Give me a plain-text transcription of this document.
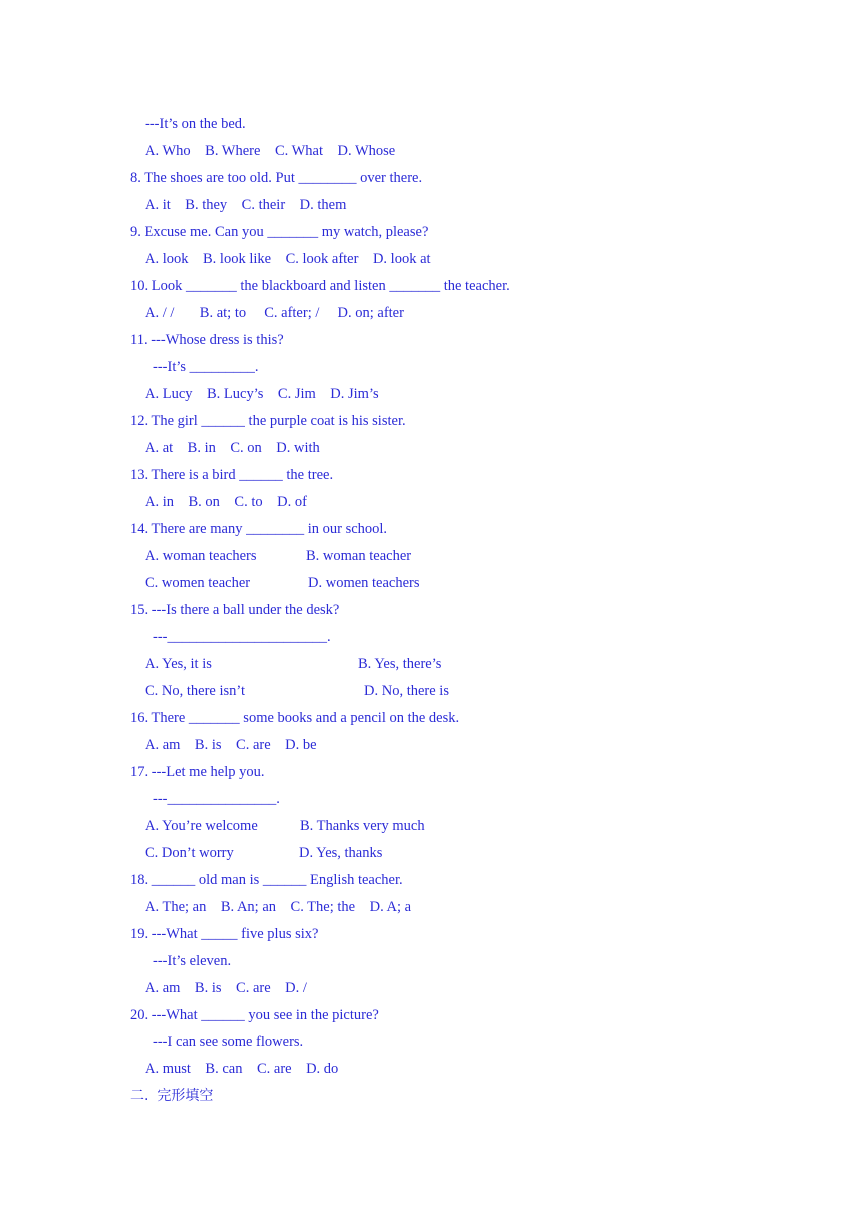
---It’s on the bed.
A. Who    B. Where    C. What    D. Whose
8. The shoes are too old. Put ________ over there.
A. it    B. they    C. their    D. them
9. Excuse me. Can you _______ my watch, please?
A. look    B. look like    C. look after    D. look at
10. Look _______ the blackboard and listen _______ the teacher.
A. / /       B. at; to     C. after; /     D. on; after
11. ---Whose dress is this?
---It’s _________.
A. Lucy    B. Lucy’s    C. Jim    D. Jim’s
12. The girl ______ the purple coat is his sister.
A. at    B. in    C. on    D. with
13. There is a bird ______ the tree.
A. in    B. on    C. to    D. of
14. There are many ________ in our school.
A. woman teachers	B. woman teacher
C. women teacher	D. women teachers
15. ---Is there a ball under the desk?
---______________________.
A. Yes, it is	B. Yes, there’s
C. No, there isn’t	D. No, there is
16. There _______ some books and a pencil on the desk.
A. am    B. is    C. are    D. be
17. ---Let me help you.
---_______________.
A. You’re welcome	B. Thanks very much
C. Don’t worry	D. Yes, thanks
18. ______ old man is ______ English teacher.
A. The; an    B. An; an    C. The; the    D. A; a
19. ---What _____ five plus six?
---It’s eleven.
A. am    B. is    C. are    D. /
20. ---What ______ you see in the picture?
---I can see some flowers.
A. must    B. can    C. are    D. do
二.  完形填空
